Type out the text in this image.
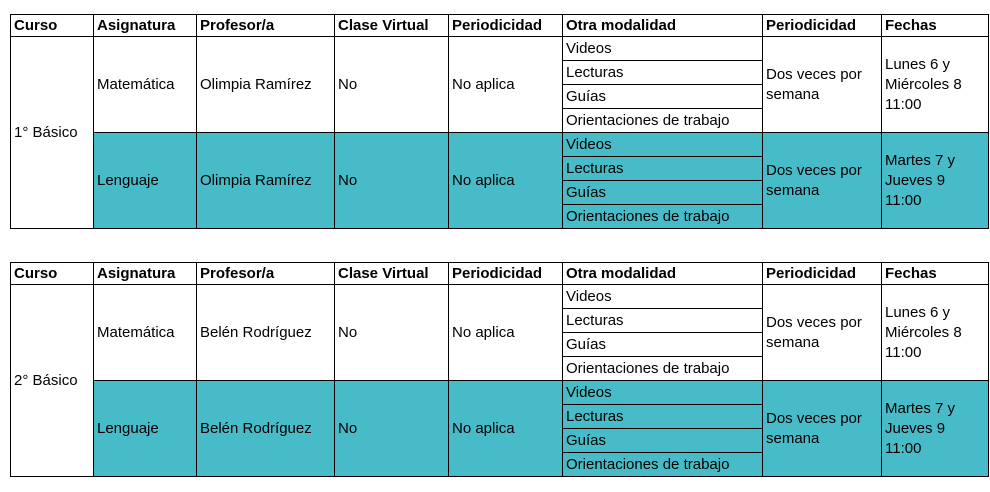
Curso	Asignatura	Profesor/a	Clase Virtual	Periodicidad	Otra modalidad	Periodicidad	Fechas
1° Básico	Matemática	Olimpia Ramírez	No	No aplica	Videos	Dos veces por semana	Lunes 6 y Miércoles 8 11:00
					Lecturas		
					Guías		
					Orientaciones de trabajo		
	Lenguaje	Olimpia Ramírez	No	No aplica	Videos	Dos veces por semana	Martes 7 y Jueves 9 11:00
					Lecturas		
					Guías		
					Orientaciones de trabajo		
Curso	Asignatura	Profesor/a	Clase Virtual	Periodicidad	Otra modalidad	Periodicidad	Fechas
2° Básico	Matemática	Belén Rodríguez	No	No aplica	Videos	Dos veces por semana	Lunes 6 y Miércoles 8 11:00
					Lecturas		
					Guías		
					Orientaciones de trabajo		
	Lenguaje	Belén Rodríguez	No	No aplica	Videos	Dos veces por semana	Martes 7 y Jueves 9 11:00
					Lecturas		
					Guías		
					Orientaciones de trabajo		
